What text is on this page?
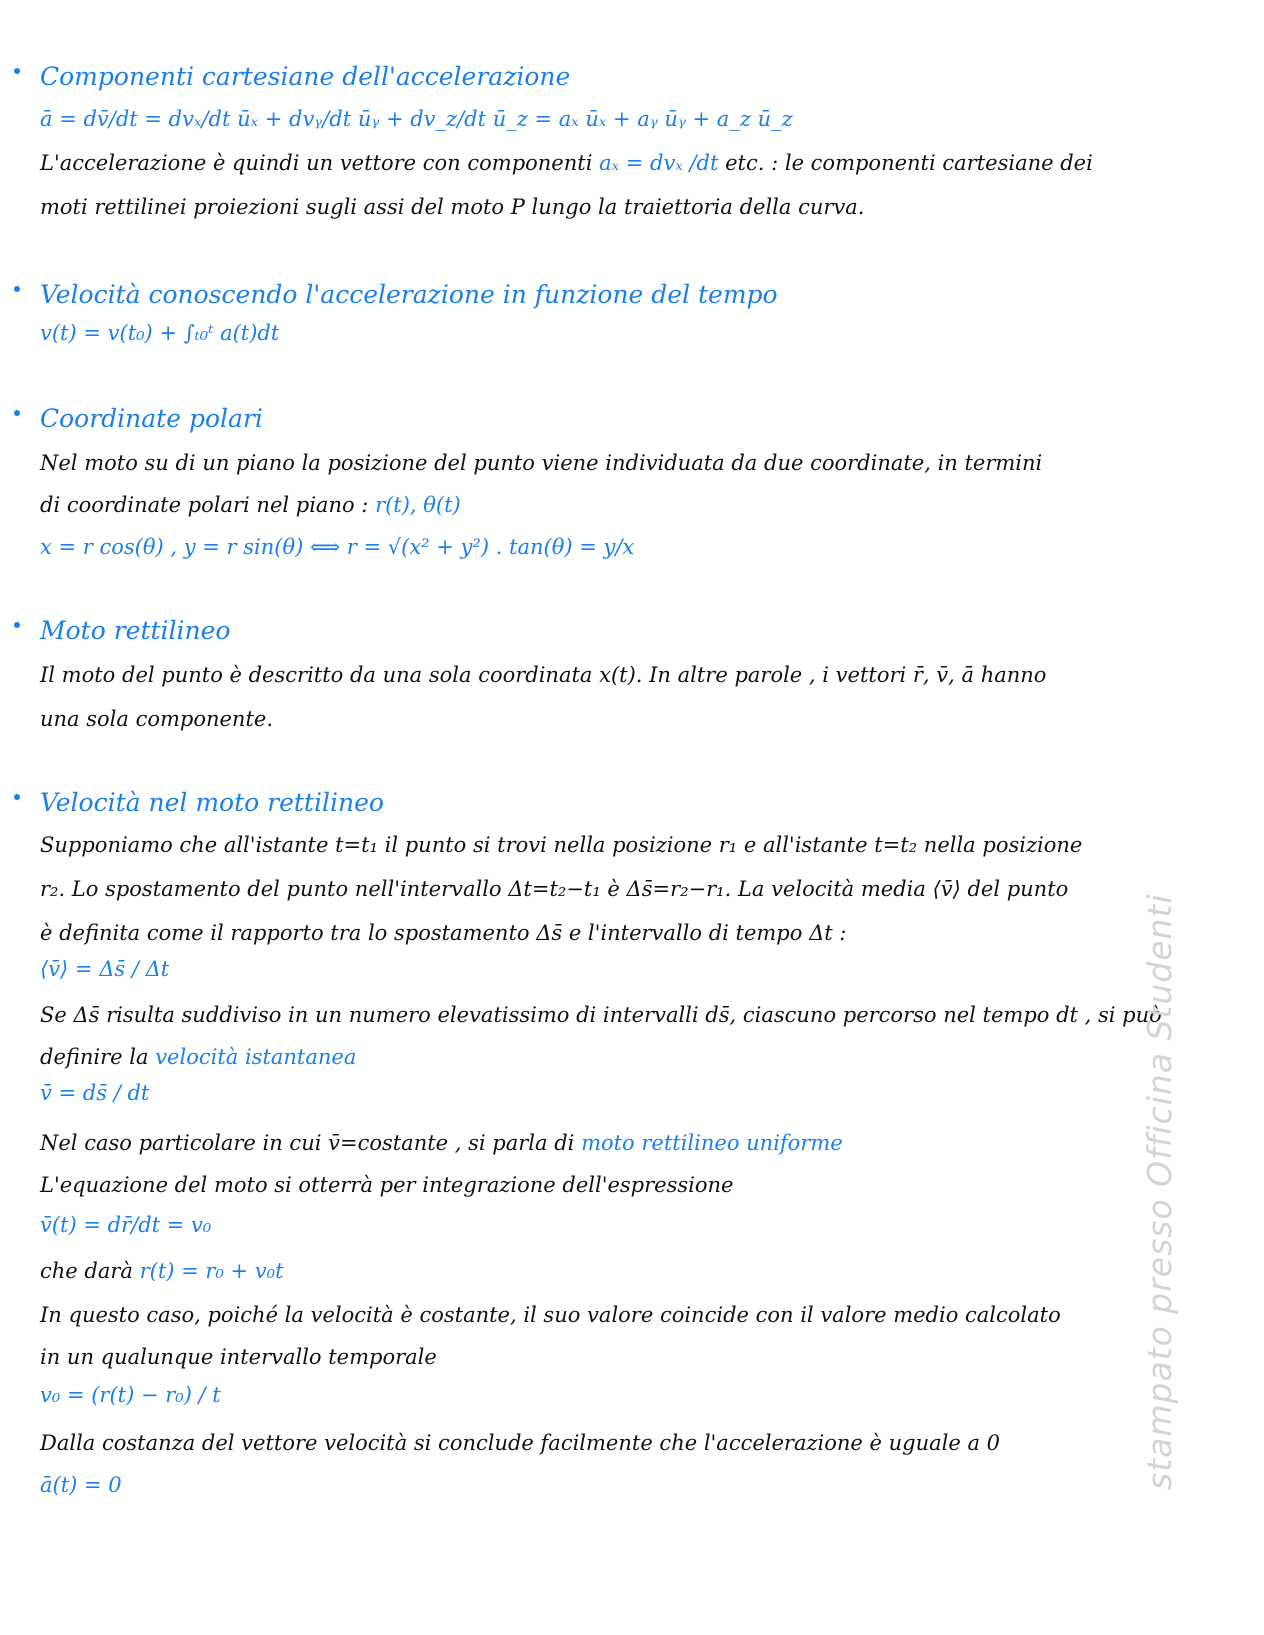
Componenti cartesiane dell'accelerazione
ā = dv̄/dt = dvₓ/dt ūₓ + dvᵧ/dt ūᵧ + dv_z/dt ū_z = aₓ ūₓ + aᵧ ūᵧ + a_z ū_z
L'accelerazione è quindi un vettore con componenti aₓ = dvₓ /dt etc. : le componenti cartesiane dei
moti rettilinei proiezioni sugli assi del moto P lungo la traiettoria della curva.
Velocità conoscendo l'accelerazione in funzione del tempo
v(t) = v(t₀) + ∫ₜ₀ᵗ a(t)dt
Coordinate polari
Nel moto su di un piano la posizione del punto viene individuata da due coordinate, in termini
di coordinate polari nel piano : r(t), θ(t)
x = r cos(θ) , y = r sin(θ) ⟺ r = √(x² + y²) . tan(θ) = y/x
Moto rettilineo
Il moto del punto è descritto da una sola coordinata x(t). In altre parole , i vettori r̄, v̄, ā hanno
una sola componente.
Velocità nel moto rettilineo
Supponiamo che all'istante t=t₁ il punto si trovi nella posizione r₁ e all'istante t=t₂ nella posizione
r₂. Lo spostamento del punto nell'intervallo Δt=t₂−t₁ è Δs̄=r₂−r₁. La velocità media ⟨v̄⟩ del punto
è definita come il rapporto tra lo spostamento Δs̄ e l'intervallo di tempo Δt :
⟨v̄⟩ = Δs̄ / Δt
Se Δs̄ risulta suddiviso in un numero elevatissimo di intervalli ds̄, ciascuno percorso nel tempo dt , si può
definire la velocità istantanea
v̄ = ds̄ / dt
Nel caso particolare in cui v̄=costante , si parla di moto rettilineo uniforme
L'equazione del moto si otterrà per integrazione dell'espressione
v̄(t) = dr̄/dt = v₀
che darà r(t) = r₀ + v₀t
In questo caso, poiché la velocità è costante, il suo valore coincide con il valore medio calcolato
in un qualunque intervallo temporale
v₀ = (r(t) − r₀) / t
Dalla costanza del vettore velocità si conclude facilmente che l'accelerazione è uguale a 0
ā(t) = 0	stampato presso Officina Studenti
